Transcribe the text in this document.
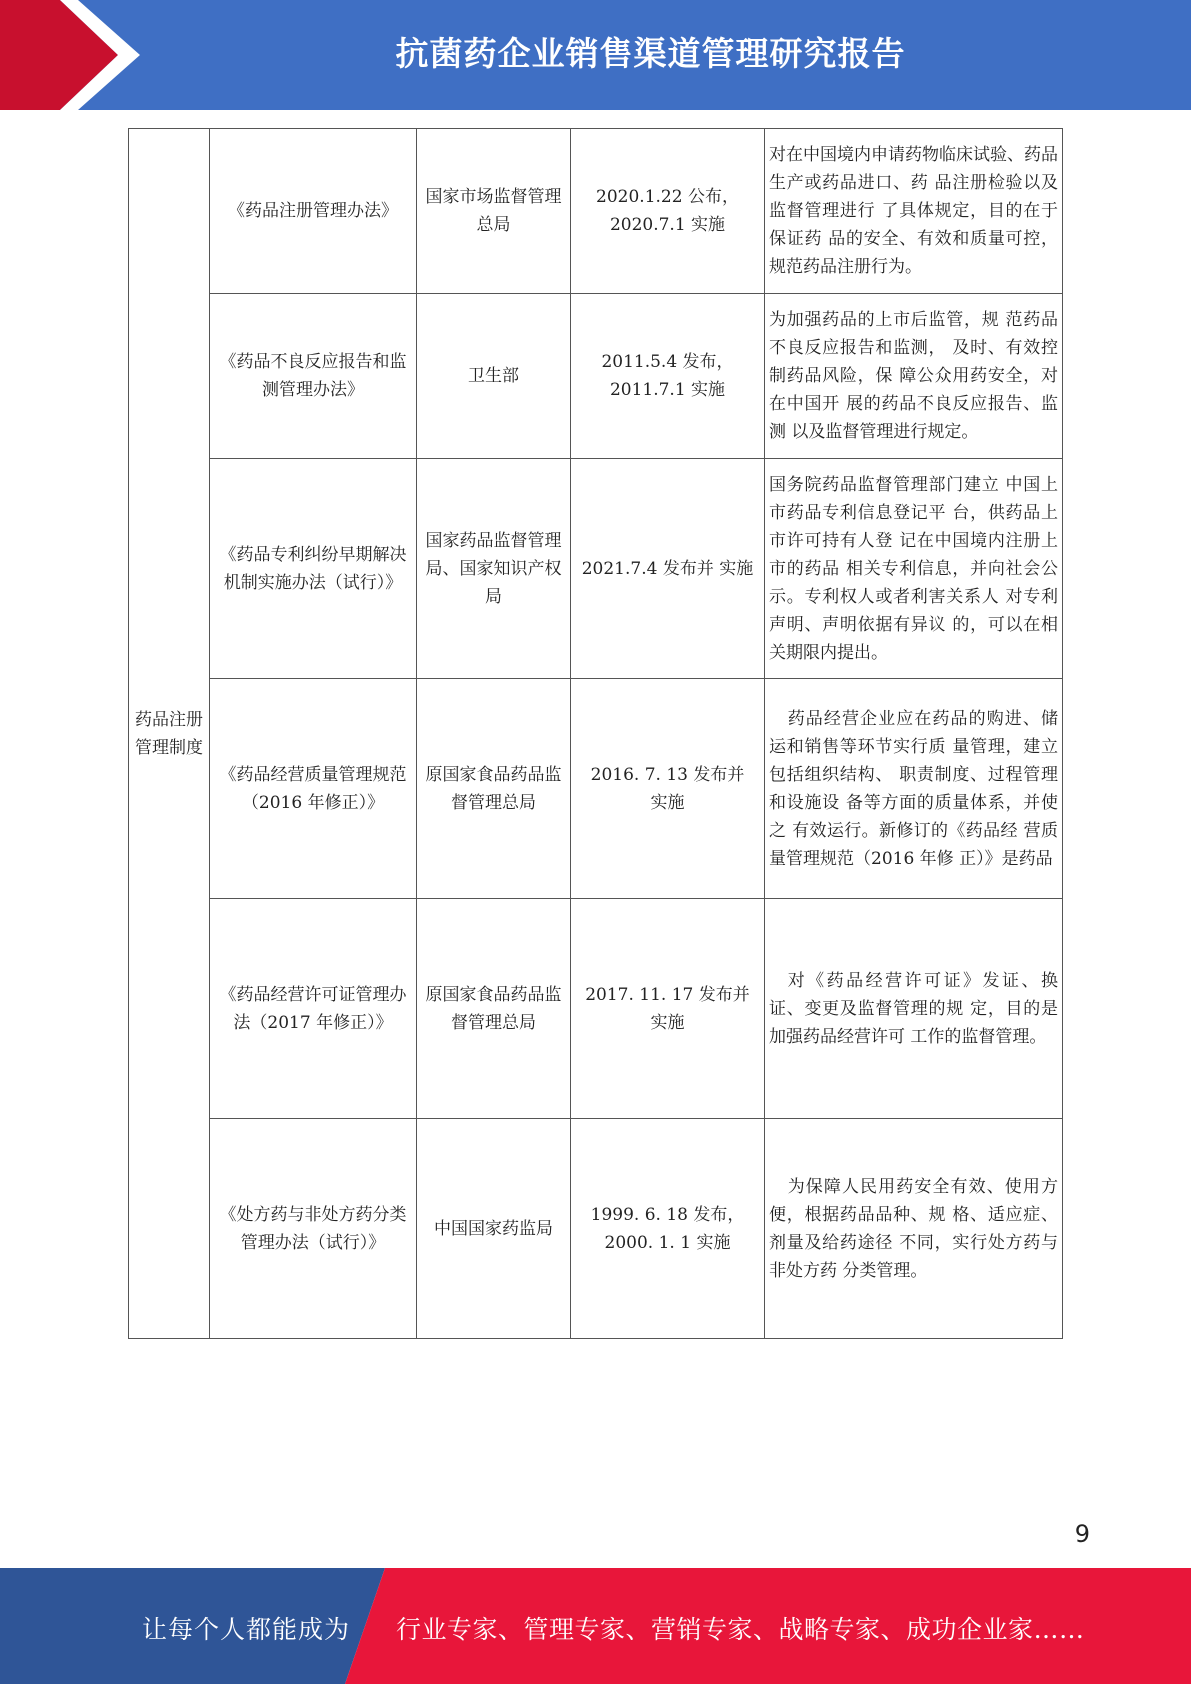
抗菌药企业销售渠道管理研究报告
药品注册管理制度	《药品注册管理办法》	国家市场监督管理总局	2020.1.22 公布，2020.7.1 实施	对在中国境内申请药物临床试验、药品生产或药品进口、药 品注册检验以及监督管理进行 了具体规定，目的在于保证药 品的安全、有效和质量可控， 规范药品注册行为。
	《药品不良反应报告和监测管理办法》	卫生部	2011.5.4 发布，2011.7.1 实施	为加强药品的上市后监管，规 范药品不良反应报告和监测， 及时、有效控制药品风险，保 障公众用药安全，对在中国开 展的药品不良反应报告、监测 以及监督管理进行规定。
	《药品专利纠纷早期解决机制实施办法（试行）》	国家药品监督管理局、国家知识产权局	2021.7.4 发布并 实施	国务院药品监督管理部门建立 中国上市药品专利信息登记平 台，供药品上市许可持有人登 记在中国境内注册上市的药品 相关专利信息，并向社会公 示。专利权人或者利害关系人 对专利声明、声明依据有异议 的，可以在相关期限内提出。
	《药品经营质量管理规范（2016 年修正）》	原国家食品药品监督管理总局	2016. 7. 13 发布并实施	药品经营企业应在药品的购进、储运和销售等环节实行质 量管理，建立包括组织结构、 职责制度、过程管理和设施设 备等方面的质量体系，并使之 有效运行。新修订的《药品经 营质量管理规范（2016 年修 正）》是药品
	《药品经营许可证管理办法（2017 年修正）》	原国家食品药品监督管理总局	2017. 11. 17 发布并实施	对《药品经营许可证》发证、换证、变更及监督管理的规 定，目的是加强药品经营许可 工作的监督管理。
	《处方药与非处方药分类管理办法（试行）》	中国国家药监局	1999. 6. 18 发布，2000. 1. 1 实施	为保障人民用药安全有效、使用方便，根据药品品种、规 格、适应症、剂量及给药途径 不同，实行处方药与非处方药 分类管理。
9
让每个人都能成为 行业专家、管理专家、营销专家、战略专家、成功企业家……
